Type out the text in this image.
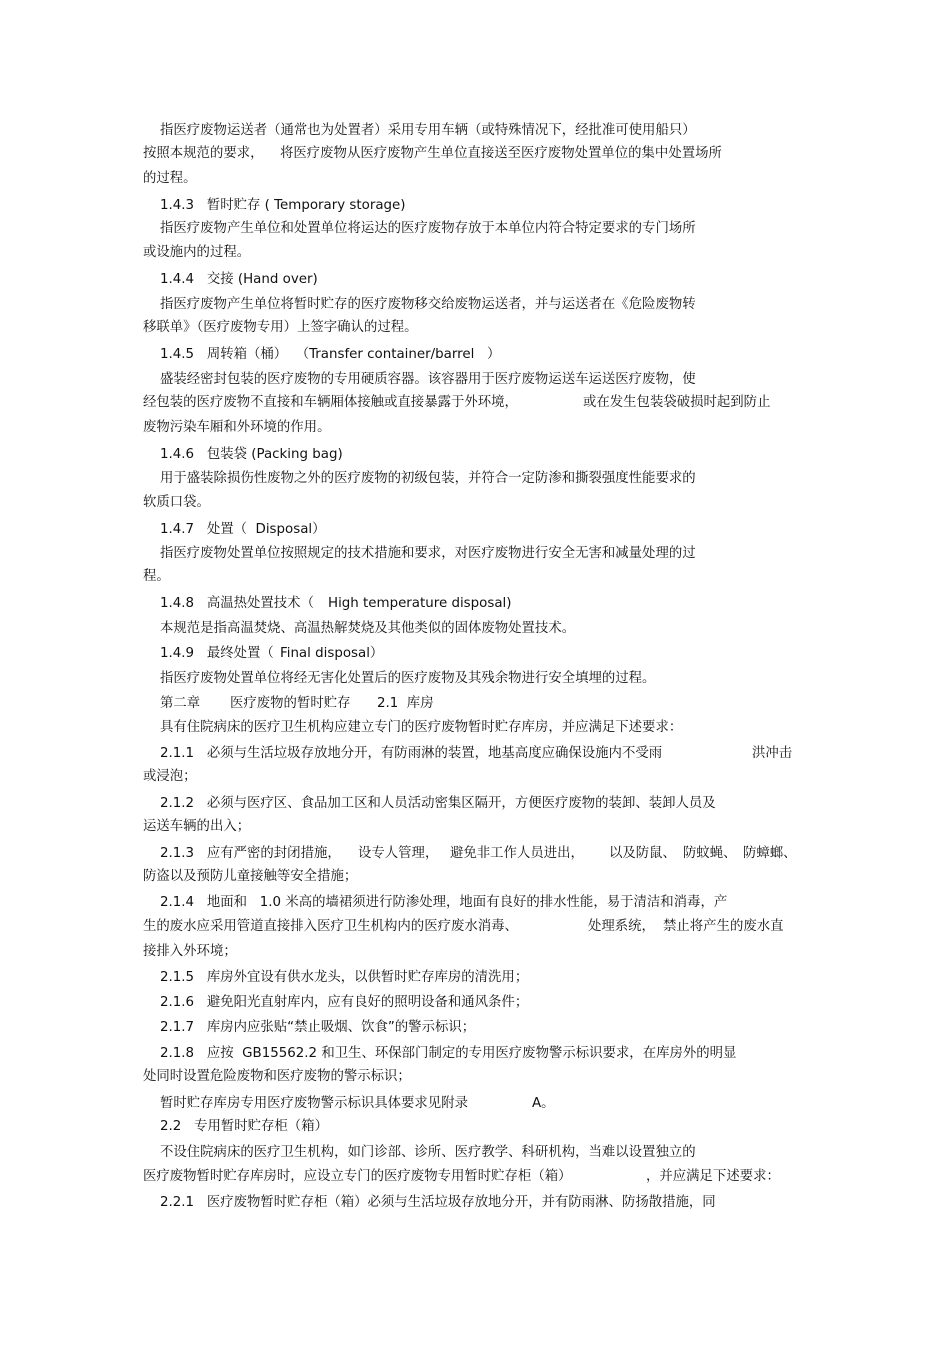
指医疗废物运送者（通常也为处置者）采用专用车辆（或特殊情况下，经批准可使用船只）
按照本规范的要求， 将医疗废物从医疗废物产生单位直接送至医疗废物处置单位的集中处置场所
的过程。
1.4.3   暂时贮存 ( Temporary storage)
指医疗废物产生单位和处置单位将运达的医疗废物存放于本单位内符合特定要求的专门场所
或设施内的过程。
1.4.4   交接 (Hand over)
指医疗废物产生单位将暂时贮存的医疗废物移交给废物运送者，并与运送者在《危险废物转
移联单》（医疗废物专用）上签字确认的过程。
1.4.5   周转箱（桶）  （Transfer container/barrel   ）
盛装经密封包装的医疗废物的专用硬质容器。该容器用于医疗废物运送车运送医疗废物，使
经包装的医疗废物不直接和车辆厢体接触或直接暴露于外环境，	或在发生包装袋破损时起到防止
废物污染车厢和外环境的作用。
1.4.6   包装袋 (Packing bag)
用于盛装除损伤性废物之外的医疗废物的初级包装，并符合一定防渗和撕裂强度性能要求的
软质口袋。
1.4.7   处置（  Disposal）
指医疗废物处置单位按照规定的技术措施和要求，对医疗废物进行安全无害和减量处理的过
程。
1.4.8   高温热处置技术（ High temperature disposal)
本规范是指高温焚烧、高温热解焚烧及其他类似的固体废物处置技术。
1.4.9   最终处置（ Final disposal）
指医疗废物处置单位将经无害化处置后的医疗废物及其残余物进行安全填埋的过程。
第二章 医疗废物的暂时贮存 2.1  库房
具有住院病床的医疗卫生机构应建立专门的医疗废物暂时贮存库房，并应满足下述要求：
2.1.1   必须与生活垃圾存放地分开，有防雨淋的装置，地基高度应确保设施内不受雨	洪冲击
或浸泡；
2.1.2   必须与医疗区、食品加工区和人员活动密集区隔开，方便医疗废物的装卸、装卸人员及
运送车辆的出入；
2.1.3   应有严密的封闭措施， 设专人管理， 避免非工作人员进出， 以及防鼠、 防蚊蝇、 防蟑螂、
防盗以及预防儿童接触等安全措施；
2.1.4   地面和   1.0 米高的墙裙须进行防渗处理，地面有良好的排水性能，易于清洁和消毒，产
生的废水应采用管道直接排入医疗卫生机构内的医疗废水消毒、	处理系统， 禁止将产生的废水直
接排入外环境；
2.1.5   库房外宜设有供水龙头，以供暂时贮存库房的清洗用；
2.1.6   避免阳光直射库内，应有良好的照明设备和通风条件；
2.1.7   库房内应张贴“禁止吸烟、饮食”的警示标识；
2.1.8   应按  GB15562.2 和卫生、环保部门制定的专用医疗废物警示标识要求，在库房外的明显
处同时设置危险废物和医疗废物的警示标识；
暂时贮存库房专用医疗废物警示标识具体要求见附录	A。
2.2   专用暂时贮存柜（箱）
不设住院病床的医疗卫生机构，如门诊部、诊所、医疗教学、科研机构，当难以设置独立的
医疗废物暂时贮存库房时，应设立专门的医疗废物专用暂时贮存柜（箱）	，并应满足下述要求：
2.2.1   医疗废物暂时贮存柜（箱）必须与生活垃圾存放地分开，并有防雨淋、防扬散措施，同
